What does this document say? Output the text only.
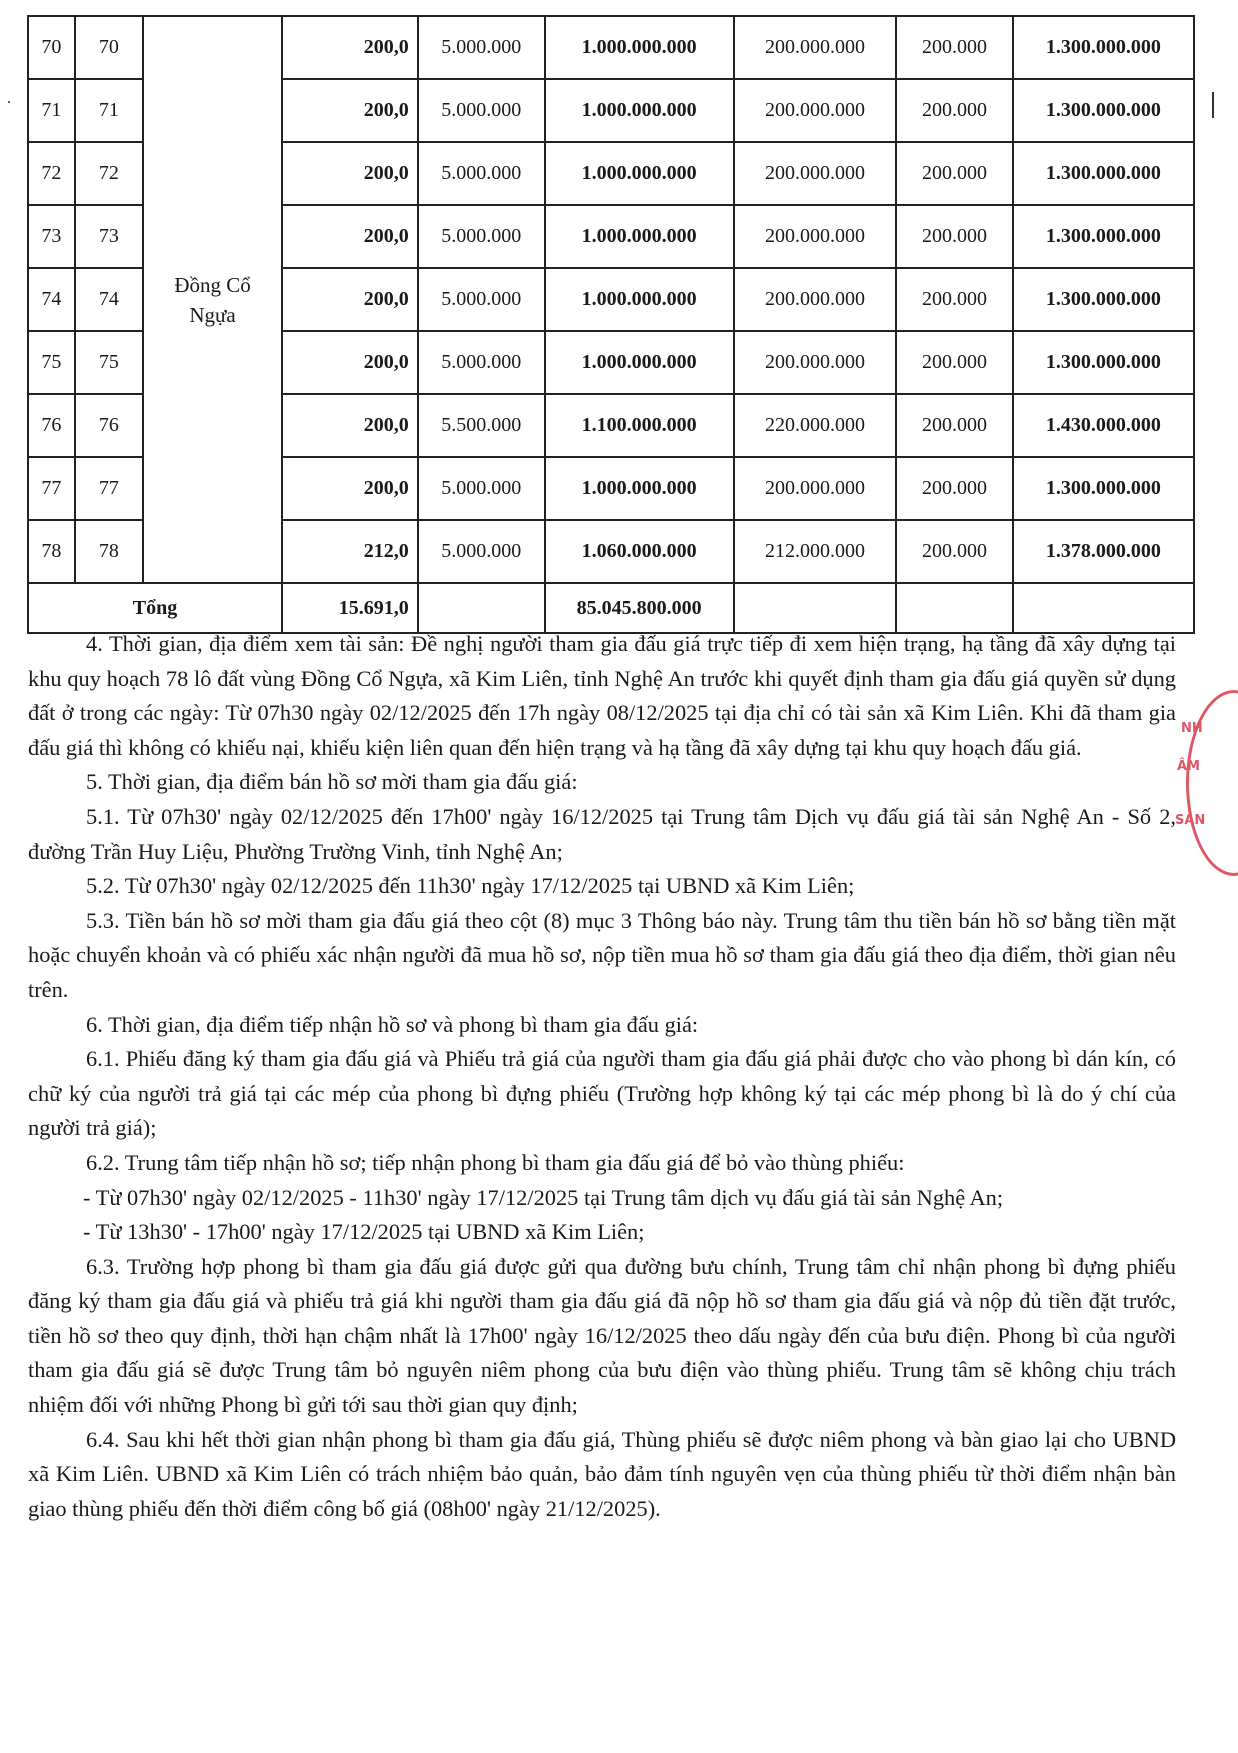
70	70	Đồng Cổ Ngựa	200,0	5.000.000	1.000.000.000	200.000.000	200.000	1.300.000.000
71	71		200,0	5.000.000	1.000.000.000	200.000.000	200.000	1.300.000.000
72	72		200,0	5.000.000	1.000.000.000	200.000.000	200.000	1.300.000.000
73	73		200,0	5.000.000	1.000.000.000	200.000.000	200.000	1.300.000.000
74	74		200,0	5.000.000	1.000.000.000	200.000.000	200.000	1.300.000.000
75	75		200,0	5.000.000	1.000.000.000	200.000.000	200.000	1.300.000.000
76	76		200,0	5.500.000	1.100.000.000	220.000.000	200.000	1.430.000.000
77	77		200,0	5.000.000	1.000.000.000	200.000.000	200.000	1.300.000.000
78	78		212,0	5.000.000	1.060.000.000	212.000.000	200.000	1.378.000.000
Tổng			15.691,0		85.045.800.000			

4. Thời gian, địa điểm xem tài sản: Đề nghị người tham gia đấu giá trực tiếp đi xem hiện trạng, hạ tầng đã xây dựng tại khu quy hoạch 78 lô đất vùng Đồng Cổ Ngựa, xã Kim Liên, tỉnh Nghệ An trước khi quyết định tham gia đấu giá quyền sử dụng đất ở trong các ngày: Từ 07h30 ngày 02/12/2025 đến 17h ngày 08/12/2025 tại địa chỉ có tài sản xã Kim Liên. Khi đã tham gia đấu giá thì không có khiếu nại, khiếu kiện liên quan đến hiện trạng và hạ tầng đã xây dựng tại khu quy hoạch đấu giá.

5. Thời gian, địa điểm bán hồ sơ mời tham gia đấu giá:

5.1. Từ 07h30' ngày 02/12/2025 đến 17h00' ngày 16/12/2025 tại Trung tâm Dịch vụ đấu giá tài sản Nghệ An - Số 2, đường Trần Huy Liệu, Phường Trường Vinh, tỉnh Nghệ An;

5.2. Từ 07h30' ngày 02/12/2025 đến 11h30' ngày 17/12/2025 tại UBND xã Kim Liên;

5.3. Tiền bán hồ sơ mời tham gia đấu giá theo cột (8) mục 3 Thông báo này. Trung tâm thu tiền bán hồ sơ bằng tiền mặt hoặc chuyển khoản và có phiếu xác nhận người đã mua hồ sơ, nộp tiền mua hồ sơ tham gia đấu giá theo địa điểm, thời gian nêu trên.

6. Thời gian, địa điểm tiếp nhận hồ sơ và phong bì tham gia đấu giá:

6.1. Phiếu đăng ký tham gia đấu giá và Phiếu trả giá của người tham gia đấu giá phải được cho vào phong bì dán kín, có chữ ký của người trả giá tại các mép của phong bì đựng phiếu (Trường hợp không ký tại các mép phong bì là do ý chí của người trả giá);

6.2. Trung tâm tiếp nhận hồ sơ; tiếp nhận phong bì tham gia đấu giá để bỏ vào thùng phiếu:

- Từ 07h30' ngày 02/12/2025 - 11h30' ngày 17/12/2025 tại Trung tâm dịch vụ đấu giá tài sản Nghệ An;

- Từ 13h30' - 17h00' ngày 17/12/2025 tại UBND xã Kim Liên;

6.3. Trường hợp phong bì tham gia đấu giá được gửi qua đường bưu chính, Trung tâm chỉ nhận phong bì đựng phiếu đăng ký tham gia đấu giá và phiếu trả giá khi người tham gia đấu giá đã nộp hồ sơ tham gia đấu giá và nộp đủ tiền đặt trước, tiền hồ sơ theo quy định, thời hạn chậm nhất là 17h00' ngày 16/12/2025 theo dấu ngày đến của bưu điện. Phong bì của người tham gia đấu giá sẽ được Trung tâm bỏ nguyên niêm phong của bưu điện vào thùng phiếu. Trung tâm sẽ không chịu trách nhiệm đối với những Phong bì gửi tới sau thời gian quy định;

6.4. Sau khi hết thời gian nhận phong bì tham gia đấu giá, Thùng phiếu sẽ được niêm phong và bàn giao lại cho UBND xã Kim Liên. UBND xã Kim Liên có trách nhiệm bảo quản, bảo đảm tính nguyên vẹn của thùng phiếu từ thời điểm nhận bàn giao thùng phiếu đến thời điểm công bố giá (08h00' ngày 21/12/2025).

NH
ÂM
SẢN
·
